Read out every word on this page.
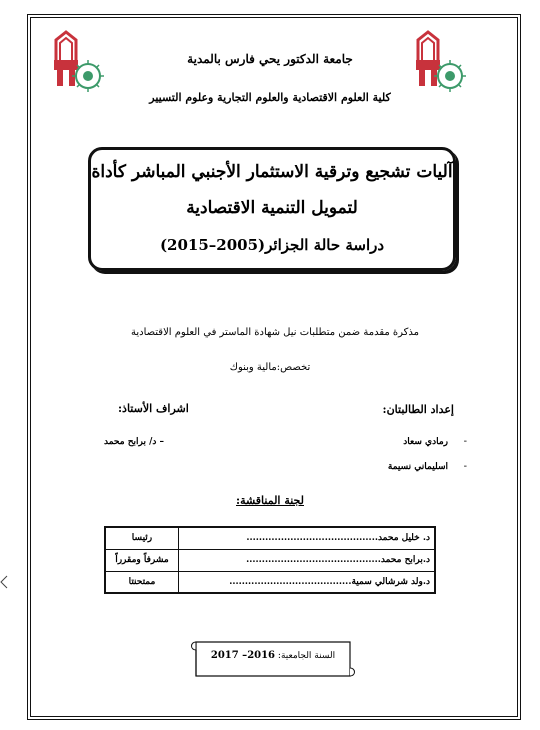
جامعة الدكتور يحي فارس بالمدية
كلية العلوم الاقتصادية والعلوم التجارية وعلوم التسيير
آليات تشجيع وترقية الاستثمار الأجنبي المباشر كأداة
لتمويل التنمية الاقتصادية
دراسة حالة الجزائر(2005–2015)
مذكرة مقدمة ضمن متطلبات نيل شهادة الماستر في العلوم الاقتصادية
تخصص:مالية وبنوك
إعداد الطالبتان:
اشراف الأستاذ:
-
رمادي سعاد
-
اسليماني نسيمة
– د/ برابح محمد
لجنة المناقشة:
د. خليل محمد..........................................	رئيسا
د.برابح محمد...........................................	مشرفاً ومقرراً
د.ولد شرشالي سمية.......................................	ممتحنتا
السنة الجامعية: 2016– 2017
